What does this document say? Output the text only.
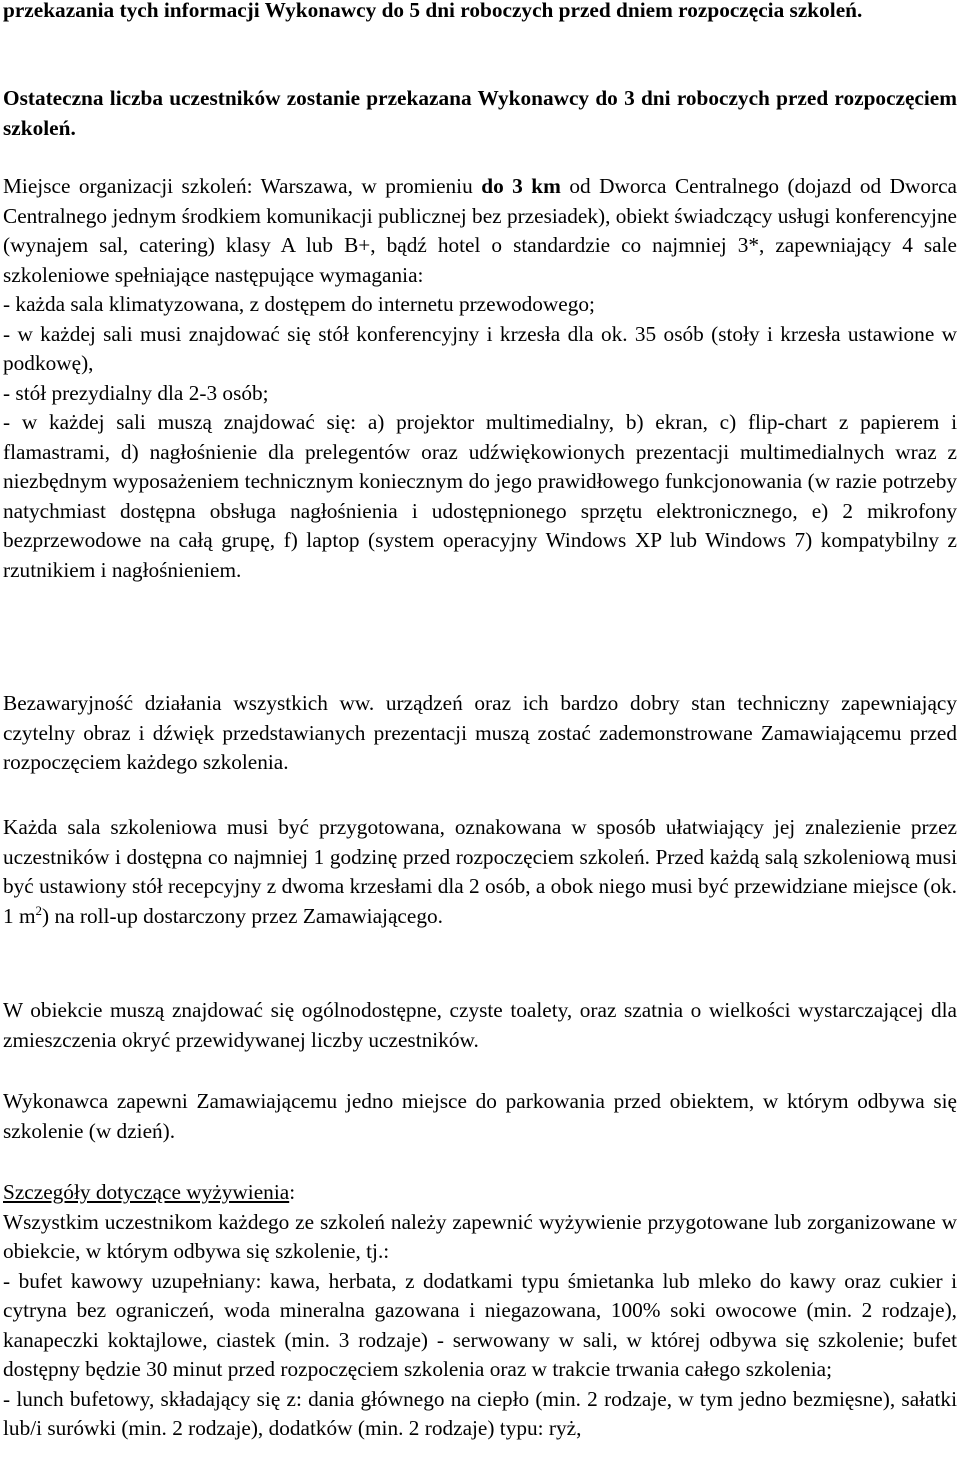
przekazania tych informacji Wykonawcy do 5 dni roboczych przed dniem rozpoczęcia szkoleń.

Ostateczna liczba uczestników zostanie przekazana Wykonawcy do 3 dni roboczych przed rozpoczęciem szkoleń.

Miejsce organizacji szkoleń: Warszawa, w promieniu do 3 km od Dworca Centralnego (dojazd od Dworca Centralnego jednym środkiem komunikacji publicznej bez przesiadek), obiekt świadczący usługi konferencyjne (wynajem sal, catering) klasy A lub B+, bądź hotel o standardzie co najmniej 3*, zapewniający 4 sale szkoleniowe spełniające następujące wymagania:
- każda sala klimatyzowana, z dostępem do internetu przewodowego;
- w każdej sali musi znajdować się stół konferencyjny i krzesła dla ok. 35 osób (stoły i krzesła ustawione w podkowę),
- stół prezydialny dla 2-3 osób;
- w każdej sali muszą znajdować się: a) projektor multimedialny, b) ekran, c) flip-chart z papierem i flamastrami, d) nagłośnienie dla prelegentów oraz udźwiękowionych prezentacji multimedialnych wraz z niezbędnym wyposażeniem technicznym koniecznym do jego prawidłowego funkcjonowania (w razie potrzeby natychmiast dostępna obsługa nagłośnienia i udostępnionego sprzętu elektronicznego, e) 2 mikrofony bezprzewodowe na całą grupę, f) laptop (system operacyjny Windows XP lub Windows 7) kompatybilny z rzutnikiem i nagłośnieniem.

Bezawaryjność działania wszystkich ww. urządzeń oraz ich bardzo dobry stan techniczny zapewniający czytelny obraz i dźwięk przedstawianych prezentacji muszą zostać zademonstrowane Zamawiającemu przed rozpoczęciem każdego szkolenia.

Każda sala szkoleniowa musi być przygotowana, oznakowana w sposób ułatwiający jej znalezienie przez uczestników i dostępna co najmniej 1 godzinę przed rozpoczęciem szkoleń. Przed każdą salą szkoleniową musi być ustawiony stół recepcyjny z dwoma krzesłami dla 2 osób, a obok niego musi być przewidziane miejsce (ok. 1 $m^2$) na roll-up dostarczony przez Zamawiającego.

W obiekcie muszą znajdować się ogólnodostępne, czyste toalety, oraz szatnia o wielkości wystarczającej dla zmieszczenia okryć przewidywanej liczby uczestników.

Wykonawca zapewni Zamawiającemu jedno miejsce do parkowania przed obiektem, w którym odbywa się szkolenie (w dzień).

Szczegóły dotyczące wyżywienia:
Wszystkim uczestnikom każdego ze szkoleń należy zapewnić wyżywienie przygotowane lub zorganizowane w obiekcie, w którym odbywa się szkolenie, tj.:
- bufet kawowy uzupełniany: kawa, herbata, z dodatkami typu śmietanka lub mleko do kawy oraz cukier i cytryna bez ograniczeń, woda mineralna gazowana i niegazowana, 100% soki owocowe (min. 2 rodzaje), kanapeczki koktajlowe, ciastek (min. 3 rodzaje) - serwowany w sali, w której odbywa się szkolenie; bufet dostępny będzie 30 minut przed rozpoczęciem szkolenia oraz w trakcie trwania całego szkolenia;
- lunch bufetowy, składający się z: dania głównego na ciepło (min. 2 rodzaje, w tym jedno bezmięsne), sałatki lub/i surówki (min. 2 rodzaje), dodatków (min. 2 rodzaje) typu: ryż,
